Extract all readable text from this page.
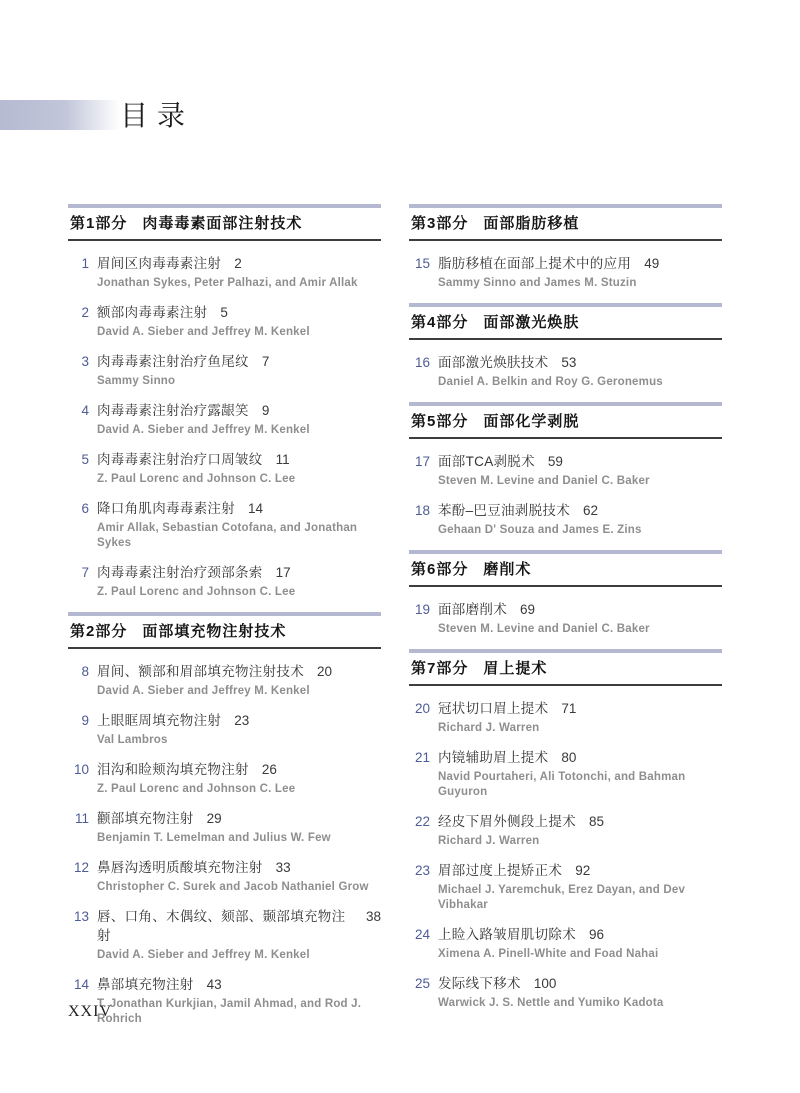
目录
第1部分 肉毒毒素面部注射技术
1 眉间区肉毒毒素注射 2
Jonathan Sykes, Peter Palhazi, and Amir Allak
2 额部肉毒毒素注射 5
David A. Sieber and Jeffrey M. Kenkel
3 肉毒毒素注射治疗鱼尾纹 7
Sammy Sinno
4 肉毒毒素注射治疗露龈笑 9
David A. Sieber and Jeffrey M. Kenkel
5 肉毒毒素注射治疗口周皱纹 11
Z. Paul Lorenc and Johnson C. Lee
6 降口角肌肉毒毒素注射 14
Amir Allak, Sebastian Cotofana, and Jonathan Sykes
7 肉毒毒素注射治疗颈部条索 17
Z. Paul Lorenc and Johnson C. Lee
第2部分 面部填充物注射技术
8 眉间、额部和眉部填充物注射技术 20
David A. Sieber and Jeffrey M. Kenkel
9 上眼眶周填充物注射 23
Val Lambros
10 泪沟和睑颊沟填充物注射 26
Z. Paul Lorenc and Johnson C. Lee
11 颧部填充物注射 29
Benjamin T. Lemelman and Julius W. Few
12 鼻唇沟透明质酸填充物注射 33
Christopher C. Surek and Jacob Nathaniel Grow
13 唇、口角、木偶纹、颏部、颞部填充物注射
38
David A. Sieber and Jeffrey M. Kenkel
14 鼻部填充物注射 43
T. Jonathan Kurkjian, Jamil Ahmad, and Rod J. Rohrich
第3部分 面部脂肪移植
15 脂肪移植在面部上提术中的应用 49
Sammy Sinno and James M. Stuzin
第4部分 面部激光焕肤
16 面部激光焕肤技术 53
Daniel A. Belkin and Roy G. Geronemus
第5部分 面部化学剥脱
17 面部TCA剥脱术 59
Steven M. Levine and Daniel C. Baker
18 苯酚–巴豆油剥脱技术 62
Gehaan D' Souza and James E. Zins
第6部分 磨削术
19 面部磨削术 69
Steven M. Levine and Daniel C. Baker
第7部分 眉上提术
20 冠状切口眉上提术 71
Richard J. Warren
21 内镜辅助眉上提术 80
Navid Pourtaheri, Ali Totonchi, and Bahman Guyuron
22 经皮下眉外侧段上提术 85
Richard J. Warren
23 眉部过度上提矫正术 92
Michael J. Yaremchuk, Erez Dayan, and Dev Vibhakar
24 上睑入路皱眉肌切除术 96
Ximena A. Pinell-White and Foad Nahai
25 发际线下移术 100
Warwick J. S. Nettle and Yumiko Kadota
XXIV
